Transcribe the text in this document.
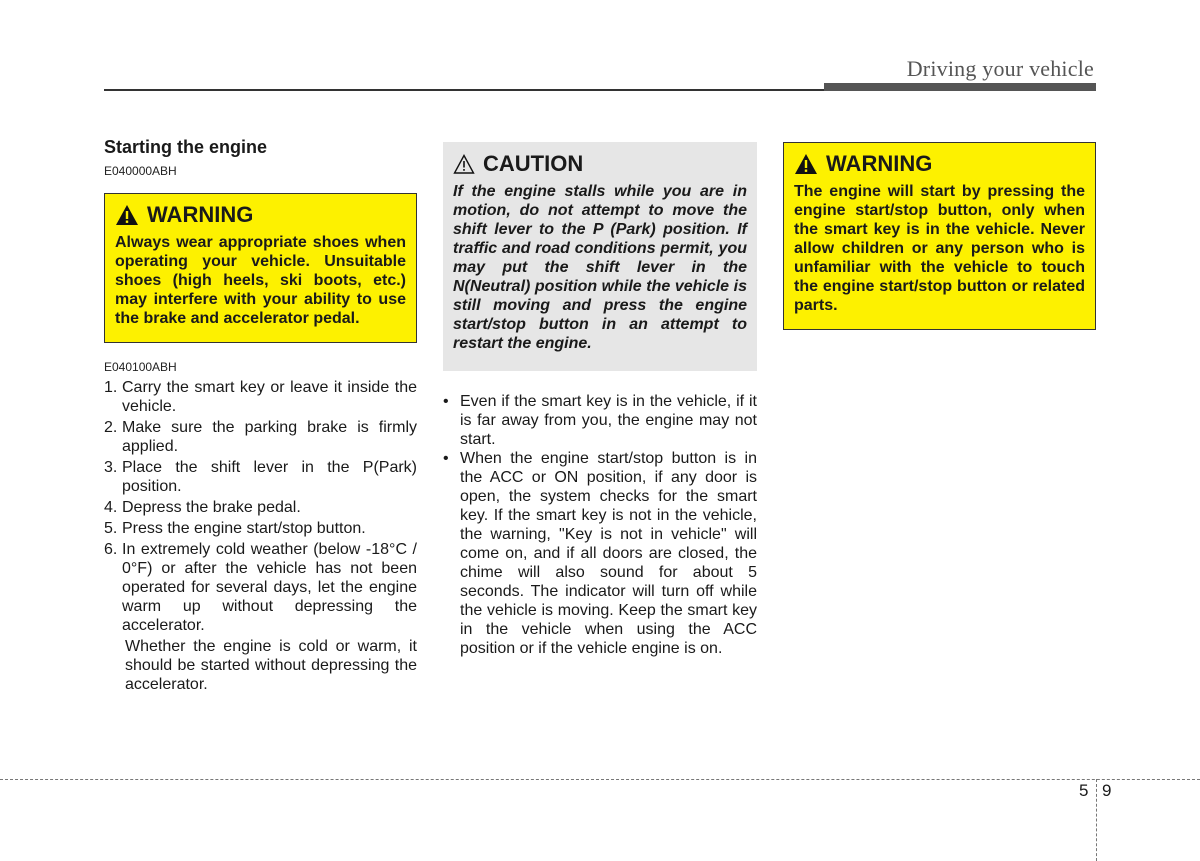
Driving your vehicle
Starting the engine
E040000ABH
WARNING
Always wear appropriate shoes when operating your vehicle. Unsuitable shoes (high heels, ski boots, etc.) may interfere with your ability to use the brake and accelerator pedal.
E040100ABH
1. Carry the smart key or leave it inside the vehicle.
2. Make sure the parking brake is firmly applied.
3. Place the shift lever in the P(Park) position.
4. Depress the brake pedal.
5. Press the engine start/stop button.
6. In extremely cold weather (below -18°C / 0°F) or after the vehicle has not been operated for several days, let the engine warm up without depressing the accelerator.
Whether the engine is cold or warm, it should be started without depressing the accelerator.
CAUTION
If the engine stalls while you are in motion, do not attempt to move the shift lever to the P (Park) position. If traffic and road conditions permit, you may put the shift lever in the N(Neutral) position while the vehicle is still moving and press the engine start/stop button in an attempt to restart the engine.
• Even if the smart key is in the vehicle, if it is far away from you, the engine may not start.
• When the engine start/stop button is in the ACC or ON position, if any door is open, the system checks for the smart key. If the smart key is not in the vehicle, the warning, "Key is not in vehicle" will come on, and if all doors are closed, the chime will also sound for about 5 seconds. The indicator will turn off while the vehicle is moving. Keep the smart key in the vehicle when using the ACC position or if the vehicle engine is on.
WARNING
The engine will start by pressing the engine start/stop button, only when the smart key is in the vehicle. Never allow children or any person who is unfamiliar with the vehicle to touch the engine start/stop button or related parts.
5 9
